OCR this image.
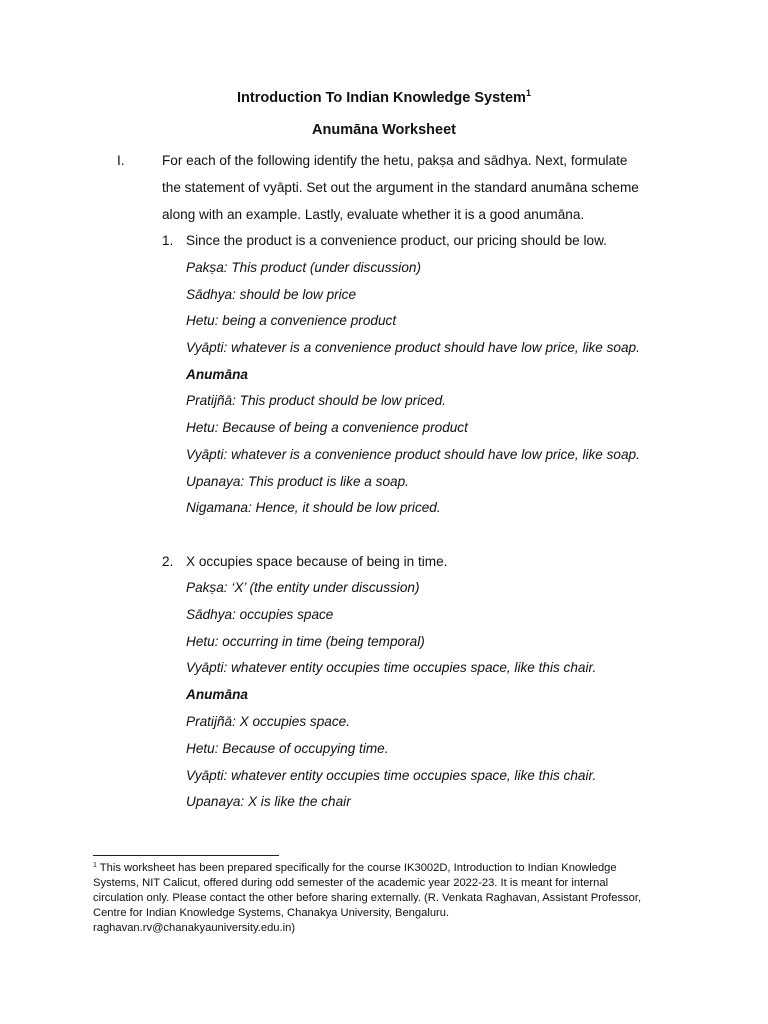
Introduction To Indian Knowledge System$^1$
Anumāna Worksheet
I.	For each of the following identify the hetu, pakṣa and sādhya. Next, formulate
the statement of vyāpti. Set out the argument in the standard anumāna scheme
along with an example. Lastly, evaluate whether it is a good anumāna.
1. Since the product is a convenience product, our pricing should be low.
Pakṣa: This product (under discussion)
Sādhya: should be low price
Hetu: being a convenience product
Vyāpti: whatever is a convenience product should have low price, like soap.
Anumāna
Pratijñā: This product should be low priced.
Hetu: Because of being a convenience product
Vyāpti: whatever is a convenience product should have low price, like soap.
Upanaya: This product is like a soap.
Nigamana: Hence, it should be low priced.
2. X occupies space because of being in time.
Pakṣa: ‘X’ (the entity under discussion)
Sādhya: occupies space
Hetu: occurring in time (being temporal)
Vyāpti: whatever entity occupies time occupies space, like this chair.
Anumāna
Pratijñā: X occupies space.
Hetu: Because of occupying time.
Vyāpti: whatever entity occupies time occupies space, like this chair.
Upanaya: X is like the chair
$^1$ This worksheet has been prepared specifically for the course IK3002D, Introduction to Indian Knowledge
Systems, NIT Calicut, offered during odd semester of the academic year 2022-23. It is meant for internal
circulation only. Please contact the other before sharing externally. (R. Venkata Raghavan, Assistant Professor,
Centre for Indian Knowledge Systems, Chanakya University, Bengaluru.
raghavan.rv@chanakyauniversity.edu.in)
